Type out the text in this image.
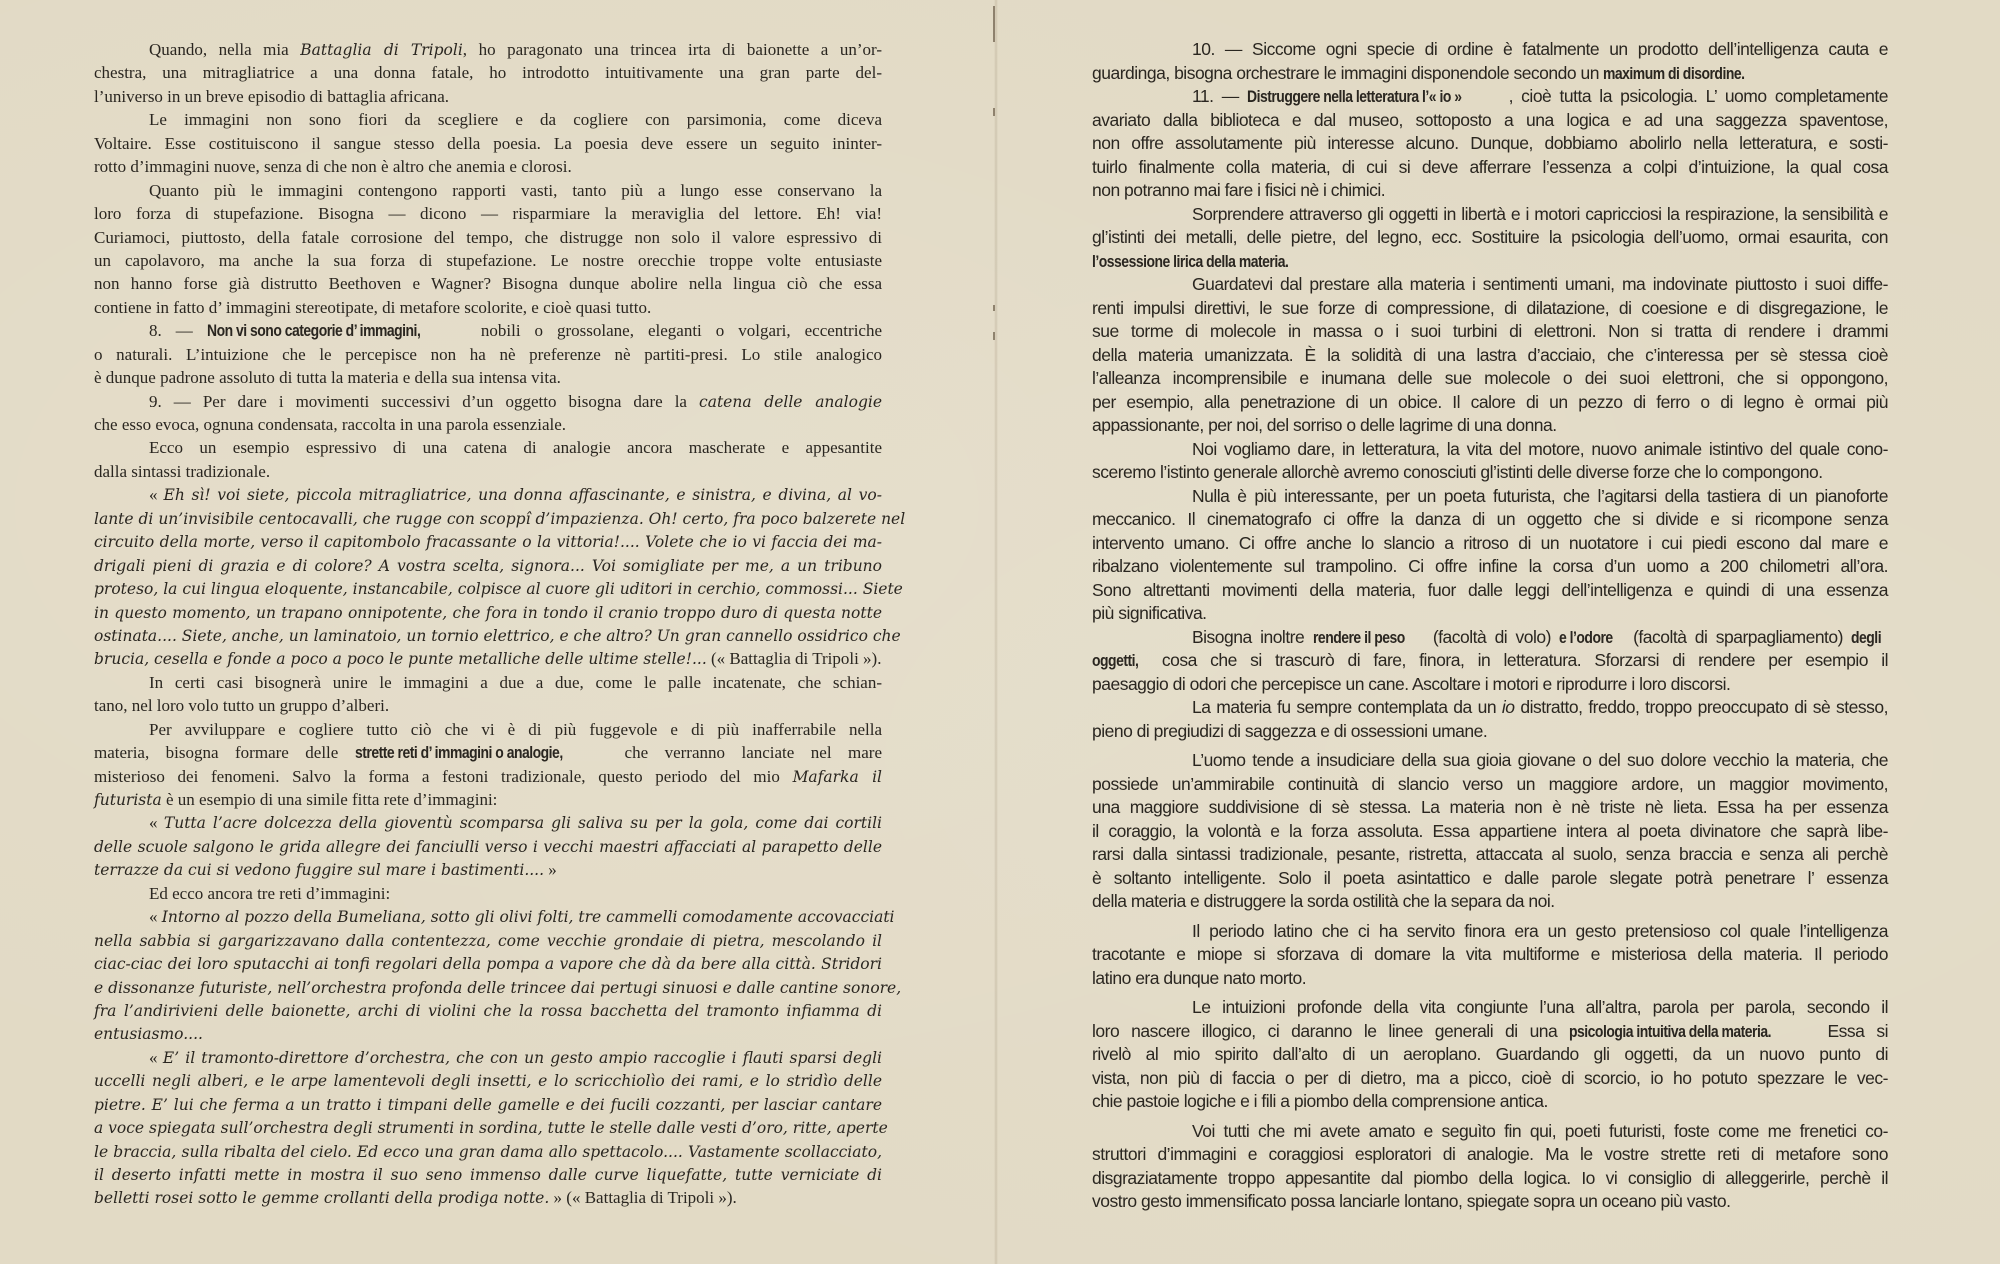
Quando, nella mia Battaglia di Tripoli, ho paragonato una trincea irta di baionette a un’or-
chestra, una mitragliatrice a una donna fatale, ho introdotto intuitivamente una gran parte del-
l’universo in un breve episodio di battaglia africana.
Le immagini non sono fiori da scegliere e da cogliere con parsimonia, come diceva
Voltaire. Esse costituiscono il sangue stesso della poesia. La poesia deve essere un seguito ininter-
rotto d’immagini nuove, senza di che non è altro che anemia e clorosi.
Quanto più le immagini contengono rapporti vasti, tanto più a lungo esse conservano la
loro forza di stupefazione. Bisogna — dicono — risparmiare la meraviglia del lettore. Eh! via!
Curiamoci, piuttosto, della fatale corrosione del tempo, che distrugge non solo il valore espressivo di
un capolavoro, ma anche la sua forza di stupefazione. Le nostre orecchie troppe volte entusiaste
non hanno forse già distrutto Beethoven e Wagner? Bisogna dunque abolire nella lingua ciò che essa
contiene in fatto d’ immagini stereotipate, di metafore scolorite, e cioè quasi tutto.
8. — Non vi sono categorie d’ immagini,	nobili o grossolane, eleganti o volgari, eccentriche
o naturali. L’intuizione che le percepisce non ha nè preferenze nè partiti-presi. Lo stile analogico
è dunque padrone assoluto di tutta la materia e della sua intensa vita.
9. — Per dare i movimenti successivi d’un oggetto bisogna dare la catena delle analogie
che esso evoca, ognuna condensata, raccolta in una parola essenziale.
Ecco un esempio espressivo di una catena di analogie ancora mascherate e appesantite
dalla sintassi tradizionale.
« Eh sì! voi siete, piccola mitragliatrice, una donna affascinante, e sinistra, e divina, al vo-
lante di un’invisibile centocavalli, che rugge con scoppî d’impazienza. Oh! certo, fra poco balzerete nel
circuito della morte, verso il capitombolo fracassante o la vittoria!.... Volete che io vi faccia dei ma-
drigali pieni di grazia e di colore? A vostra scelta, signora... Voi somigliate per me, a un tribuno
proteso, la cui lingua eloquente, instancabile, colpisce al cuore gli uditori in cerchio, commossi... Siete
in questo momento, un trapano onnipotente, che fora in tondo il cranio troppo duro di questa notte
ostinata.... Siete, anche, un laminatoio, un tornio elettrico, e che altro? Un gran cannello ossidrico che
brucia, cesella e fonde a poco a poco le punte metalliche delle ultime stelle!... (« Battaglia di Tripoli »).
In certi casi bisognerà unire le immagini a due a due, come le palle incatenate, che schian-
tano, nel loro volo tutto un gruppo d’alberi.
Per avviluppare e cogliere tutto ciò che vi è di più fuggevole e di più inafferrabile nella
materia, bisogna formare delle strette reti d’ immagini o analogie,	che verranno lanciate nel mare
misterioso dei fenomeni. Salvo la forma a festoni tradizionale, questo periodo del mio Mafarka il
futurista è un esempio di una simile fitta rete d’immagini:
« Tutta l’acre dolcezza della gioventù scomparsa gli saliva su per la gola, come dai cortili
delle scuole salgono le grida allegre dei fanciulli verso i vecchi maestri affacciati al parapetto delle
terrazze da cui si vedono fuggire sul mare i bastimenti.... »
Ed ecco ancora tre reti d’immagini:
« Intorno al pozzo della Bumeliana, sotto gli olivi folti, tre cammelli comodamente accovacciati
nella sabbia si gargarizzavano dalla contentezza, come vecchie grondaie di pietra, mescolando il
ciac-ciac dei loro sputacchi ai tonfi regolari della pompa a vapore che dà da bere alla città. Stridori
e dissonanze futuriste, nell’orchestra profonda delle trincee dai pertugi sinuosi e dalle cantine sonore,
fra l’andirivieni delle baionette, archi di violini che la rossa bacchetta del tramonto infiamma di
entusiasmo....
« E’ il tramonto-direttore d’orchestra, che con un gesto ampio raccoglie i flauti sparsi degli
uccelli negli alberi, e le arpe lamentevoli degli insetti, e lo scricchiolìo dei rami, e lo stridìo delle
pietre. E’ lui che ferma a un tratto i timpani delle gamelle e dei fucili cozzanti, per lasciar cantare
a voce spiegata sull’orchestra degli strumenti in sordina, tutte le stelle dalle vesti d’oro, ritte, aperte
le braccia, sulla ribalta del cielo. Ed ecco una gran dama allo spettacolo.... Vastamente scollacciato,
il deserto infatti mette in mostra il suo seno immenso dalle curve liquefatte, tutte verniciate di
belletti rosei sotto le gemme crollanti della prodiga notte. » (« Battaglia di Tripoli »).
10. — Siccome ogni specie di ordine è fatalmente un prodotto dell’intelligenza cauta e
guardinga, bisogna orchestrare le immagini disponendole secondo un maximum di disordine.
11. — Distruggere nella letteratura l’« io »	, cioè tutta la psicologia. L’ uomo completamente
avariato dalla biblioteca e dal museo, sottoposto a una logica e ad una saggezza spaventose,
non offre assolutamente più interesse alcuno. Dunque, dobbiamo abolirlo nella letteratura, e sosti-
tuirlo finalmente colla materia, di cui si deve afferrare l’essenza a colpi d’intuizione, la qual cosa
non potranno mai fare i fisici nè i chimici.
Sorprendere attraverso gli oggetti in libertà e i motori capricciosi la respirazione, la sensibilità e
gl’istinti dei metalli, delle pietre, del legno, ecc. Sostituire la psicologia dell’uomo, ormai esaurita, con
l’ossessione lirica della materia.
Guardatevi dal prestare alla materia i sentimenti umani, ma indovinate piuttosto i suoi diffe-
renti impulsi direttivi, le sue forze di compressione, di dilatazione, di coesione e di disgregazione, le
sue torme di molecole in massa o i suoi turbini di elettroni. Non si tratta di rendere i drammi
della materia umanizzata. È la solidità di una lastra d’acciaio, che c’interessa per sè stessa cioè
l’alleanza incomprensibile e inumana delle sue molecole o dei suoi elettroni, che si oppongono,
per esempio, alla penetrazione di un obice. Il calore di un pezzo di ferro o di legno è ormai più
appassionante, per noi, del sorriso o delle lagrime di una donna.
Noi vogliamo dare, in letteratura, la vita del motore, nuovo animale istintivo del quale cono-
sceremo l’istinto generale allorchè avremo conosciuti gl’istinti delle diverse forze che lo compongono.
Nulla è più interessante, per un poeta futurista, che l’agitarsi della tastiera di un pianoforte
meccanico. Il cinematografo ci offre la danza di un oggetto che si divide e si ricompone senza
intervento umano. Ci offre anche lo slancio a ritroso di un nuotatore i cui piedi escono dal mare e
ribalzano violentemente sul trampolino. Ci offre infine la corsa d’un uomo a 200 chilometri all’ora.
Sono altrettanti movimenti della materia, fuor dalle leggi dell’intelligenza e quindi di una essenza
più significativa.
Bisogna inoltre rendere il peso (facoltà di volo) e l’odore (facoltà di sparpagliamento) degli
oggetti, cosa che si trascurò di fare, finora, in letteratura. Sforzarsi di rendere per esempio il
paesaggio di odori che percepisce un cane. Ascoltare i motori e riprodurre i loro discorsi.
La materia fu sempre contemplata da un io distratto, freddo, troppo preoccupato di sè stesso,
pieno di pregiudizi di saggezza e di ossessioni umane.
L’uomo tende a insudiciare della sua gioia giovane o del suo dolore vecchio la materia, che
possiede un’ammirabile continuità di slancio verso un maggiore ardore, un maggior movimento,
una maggiore suddivisione di sè stessa. La materia non è nè triste nè lieta. Essa ha per essenza
il coraggio, la volontà e la forza assoluta. Essa appartiene intera al poeta divinatore che saprà libe-
rarsi dalla sintassi tradizionale, pesante, ristretta, attaccata al suolo, senza braccia e senza ali perchè
è soltanto intelligente. Solo il poeta asintattico e dalle parole slegate potrà penetrare l’ essenza
della materia e distruggere la sorda ostilità che la separa da noi.
Il periodo latino che ci ha servito finora era un gesto pretensioso col quale l’intelligenza
tracotante e miope si sforzava di domare la vita multiforme e misteriosa della materia. Il periodo
latino era dunque nato morto.
Le intuizioni profonde della vita congiunte l’una all’altra, parola per parola, secondo il
loro nascere illogico, ci daranno le linee generali di una psicologia intuitiva della materia.	Essa si
rivelò al mio spirito dall’alto di un aeroplano. Guardando gli oggetti, da un nuovo punto di
vista, non più di faccia o per di dietro, ma a picco, cioè di scorcio, io ho potuto spezzare le vec-
chie pastoie logiche e i fili a piombo della comprensione antica.
Voi tutti che mi avete amato e seguìto fin qui, poeti futuristi, foste come me frenetici co-
struttori d’immagini e coraggiosi esploratori di analogie. Ma le vostre strette reti di metafore sono
disgraziatamente troppo appesantite dal piombo della logica. Io vi consiglio di alleggerirle, perchè il
vostro gesto immensificato possa lanciarle lontano, spiegate sopra un oceano più vasto.
